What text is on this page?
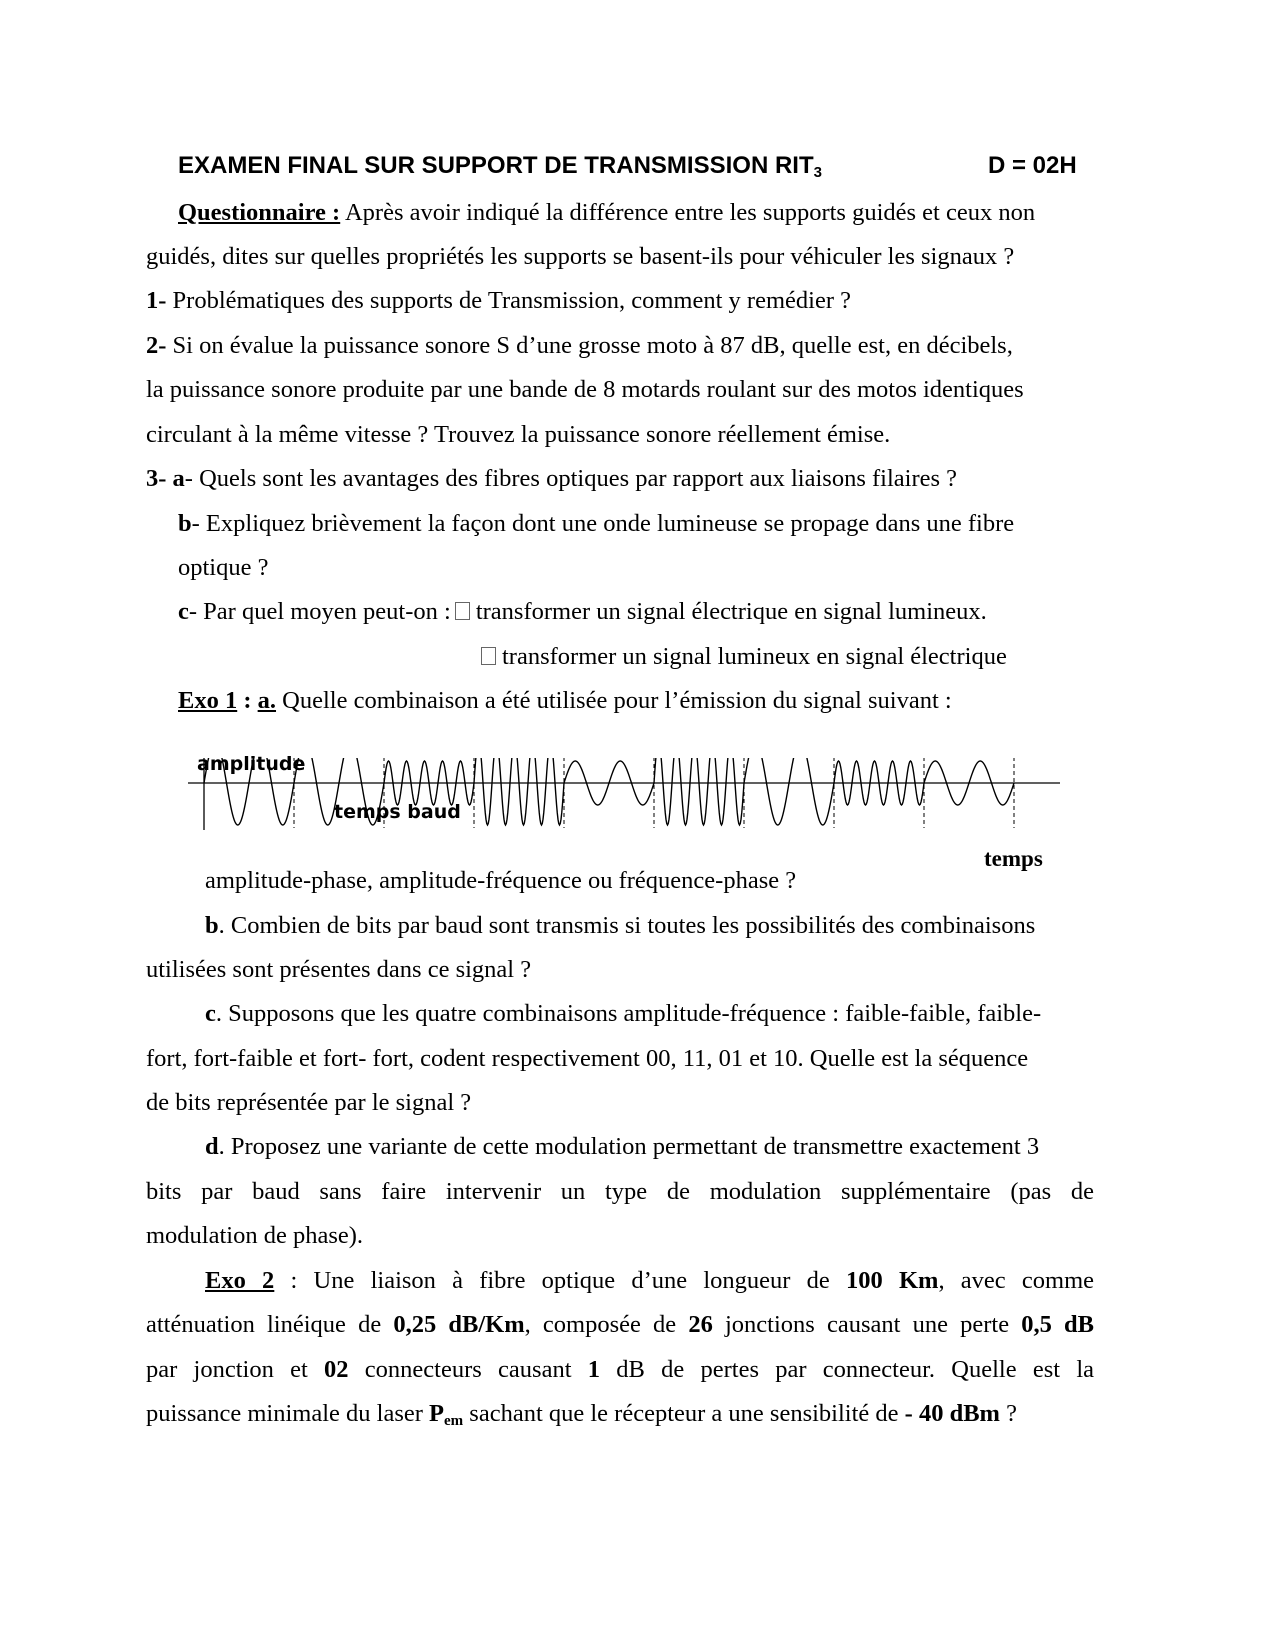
EXAMEN FINAL SUR SUPPORT DE TRANSMISSION $RIT_3$	D = 02H
Questionnaire : Après avoir indiqué la différence entre les supports guidés et ceux non
guidés, dites sur quelles propriétés les supports se basent-ils pour véhiculer les signaux ?
1- Problématiques des supports de Transmission, comment y remédier ?
2- Si on évalue la puissance sonore S d’une grosse moto à 87 dB, quelle est, en décibels,
la puissance sonore produite par une bande de 8 motards roulant sur des motos identiques
circulant à la même vitesse ? Trouvez la puissance sonore réellement émise.
3- a- Quels sont les avantages des fibres optiques par rapport aux liaisons filaires ?
b- Expliquez brièvement la façon dont une onde lumineuse se propage dans une fibre
optique ?
c- Par quel moyen peut-on : transformer un signal électrique en signal lumineux.
transformer un signal lumineux en signal électrique
Exo 1 : a. Quelle combinaison a été utilisée pour l’émission du signal suivant :
amplitude
temps baud
temps
amplitude-phase, amplitude-fréquence ou fréquence-phase ?
b. Combien de bits par baud sont transmis si toutes les possibilités des combinaisons
utilisées sont présentes dans ce signal ?
c. Supposons que les quatre combinaisons amplitude-fréquence : faible-faible, faible-
fort, fort-faible et fort- fort, codent respectivement 00, 11, 01 et 10. Quelle est la séquence
de bits représentée par le signal ?
d. Proposez une variante de cette modulation permettant de transmettre exactement 3
bits par baud sans faire intervenir un type de modulation supplémentaire (pas de
modulation de phase).
Exo 2 : Une liaison à fibre optique d’une longueur de 100 Km, avec comme
atténuation linéique de 0,25 dB/Km, composée de 26 jonctions causant une perte 0,5 dB
par jonction et 02 connecteurs causant 1 dB de pertes par connecteur. Quelle est la
puissance minimale du laser $P_{em}$ sachant que le récepteur a une sensibilité de - 40 dBm ?
